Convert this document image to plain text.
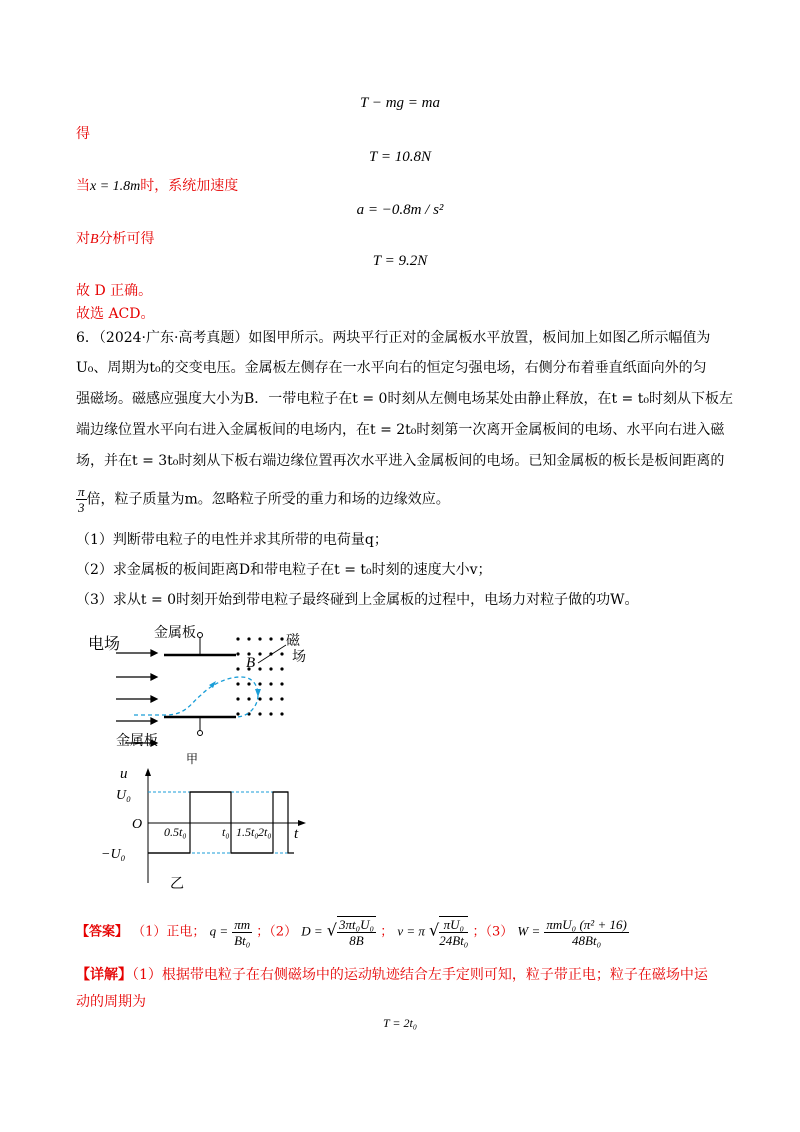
T − mg = ma
得
T = 10.8N
当x = 1.8m时，系统加速度
a = −0.8m / s²
对B分析可得
T = 9.2N
故 D 正确。
故选 ACD。
6．（2024·广东·高考真题）如图甲所示。两块平行正对的金属板水平放置，板间加上如图乙所示幅值为
U₀、周期为t₀的交变电压。金属板左侧存在一水平向右的恒定匀强电场，右侧分布着垂直纸面向外的匀
强磁场。磁感应强度大小为B．一带电粒子在t = 0时刻从左侧电场某处由静止释放，在t = t₀时刻从下板左
端边缘位置水平向右进入金属板间的电场内，在t = 2t₀时刻第一次离开金属板间的电场、水平向右进入磁
场，并在t = 3t₀时刻从下板右端边缘位置再次水平进入金属板间的电场。已知金属板的板长是板间距离的
$\frac{\pi}{3}$ 倍，粒子质量为m。忽略粒子所受的重力和场的边缘效应。
（1）判断带电粒子的电性并求其所带的电荷量q；
（2）求金属板的板间距离D和带电粒子在t = t₀时刻的速度大小v；
（3）求从t = 0时刻开始到带电粒子最终碰到上金属板的过程中，电场力对粒子做的功W。
电场
金属板
金属板
B
磁
场
甲
u
t
U₀
−U₀
O 0.5t₀	t₀ 1.5t₀ 2t₀
乙
【答案】 （1）正电； $q = \frac{\pi m}{\text{Bt₀}}$ ；（2） D = √ $\frac{\text{3πt₀U₀}}{8B}$ ； v = π √ $\frac{\text{πU₀}}{\text{24Bt₀}}$ ；（3） $W = \frac{\text{πmU₀ (π² + 16)}}{\text{48Bt₀}}$
【详解】（1）根据带电粒子在右侧磁场中的运动轨迹结合左手定则可知，粒子带正电；粒子在磁场中运
动的周期为
T = 2t₀
